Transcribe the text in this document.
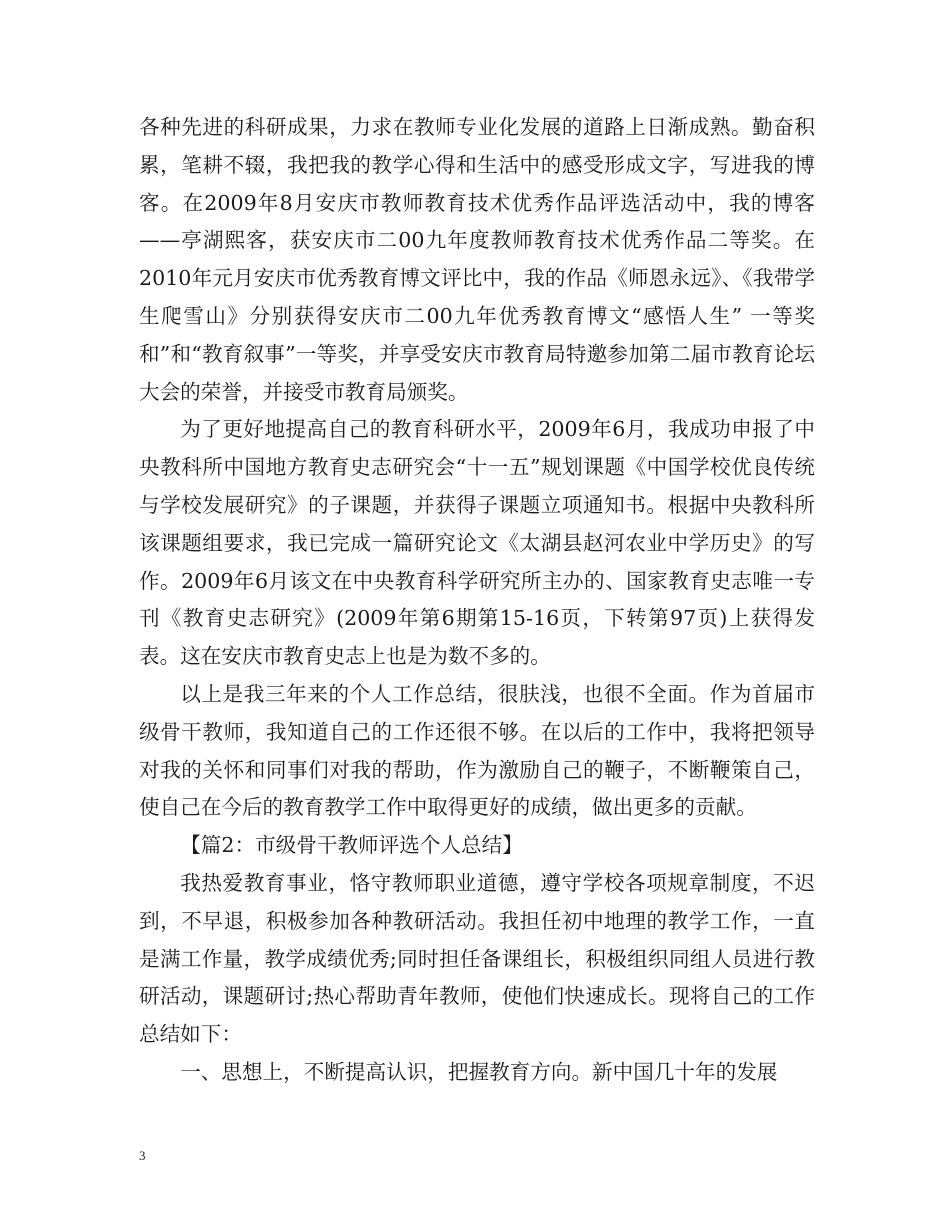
各种先进的科研成果，力求在教师专业化发展的道路上日渐成熟。勤奋积累，笔耕不辍，我把我的教学心得和生活中的感受形成文字，写进我的博客。在2009年8月安庆市教师教育技术优秀作品评选活动中，我的博客——亭湖熙客，获安庆市二00九年度教师教育技术优秀作品二等奖。在2010年元月安庆市优秀教育博文评比中，我的作品《师恩永远》、《我带学生爬雪山》分别获得安庆市二00九年优秀教育博文“感悟人生” 一等奖和”和“教育叙事”一等奖，并享受安庆市教育局特邀参加第二届市教育论坛大会的荣誉，并接受市教育局颁奖。

为了更好地提高自己的教育科研水平，2009年6月，我成功申报了中央教科所中国地方教育史志研究会“十一五”规划课题《中国学校优良传统与学校发展研究》的子课题，并获得子课题立项通知书。根据中央教科所该课题组要求，我已完成一篇研究论文《太湖县赵河农业中学历史》的写作。2009年6月该文在中央教育科学研究所主办的、国家教育史志唯一专刊《教育史志研究》(2009年第6期第15-16页，下转第97页)上获得发表。这在安庆市教育史志上也是为数不多的。

以上是我三年来的个人工作总结，很肤浅，也很不全面。作为首届市级骨干教师，我知道自己的工作还很不够。在以后的工作中，我将把领导对我的关怀和同事们对我的帮助，作为激励自己的鞭子，不断鞭策自己，使自己在今后的教育教学工作中取得更好的成绩，做出更多的贡献。

【篇2：市级骨干教师评选个人总结】

我热爱教育事业，恪守教师职业道德，遵守学校各项规章制度，不迟到，不早退，积极参加各种教研活动。我担任初中地理的教学工作，一直是满工作量，教学成绩优秀;同时担任备课组长，积极组织同组人员进行教研活动，课题研讨;热心帮助青年教师，使他们快速成长。现将自己的工作总结如下：

一、思想上，不断提高认识，把握教育方向。新中国几十年的发展

3
